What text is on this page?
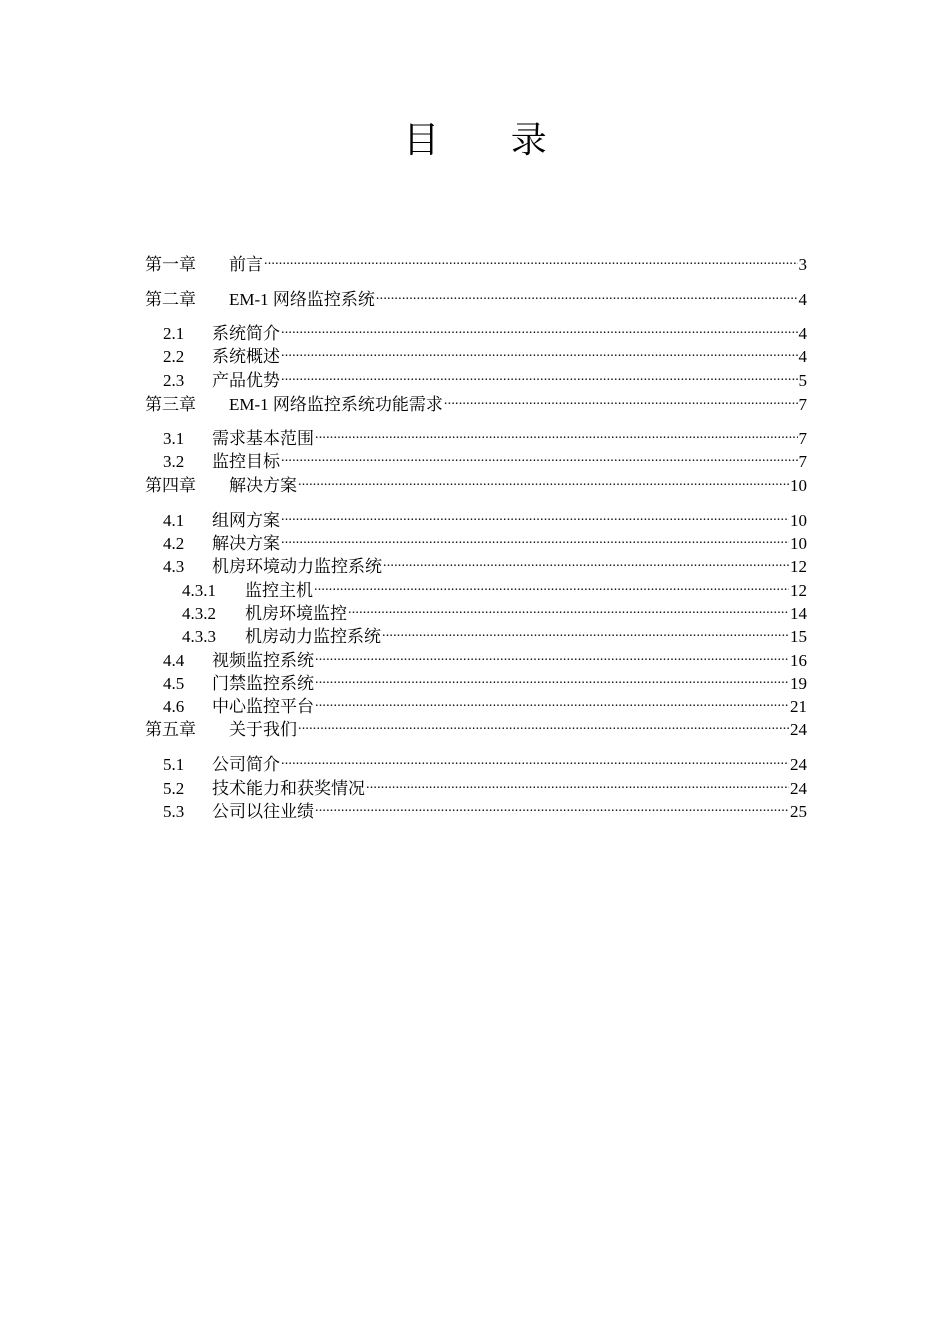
目 录
第一章	前言 .....	3
第二章	EM-1 网络监控系统 .....	4
2.1	系统简介 .....	4
2.2	系统概述 .....	4
2.3	产品优势 .....	5
第三章	EM-1 网络监控系统功能需求 .....	7
3.1	需求基本范围 .....	7
3.2	监控目标 .....	7
第四章	解决方案 .....	10
4.1	组网方案 .....	10
4.2	解决方案 .....	10
4.3	机房环境动力监控系统 .....	12
4.3.1	监控主机 .....	12
4.3.2	机房环境监控 .....	14
4.3.3	机房动力监控系统 .....	15
4.4	视频监控系统 .....	16
4.5	门禁监控系统 .....	19
4.6	中心监控平台 .....	21
第五章	关于我们 .....	24
5.1	公司简介 .....	24
5.2	技术能力和获奖情况 .....	24
5.3	公司以往业绩 .....	25
